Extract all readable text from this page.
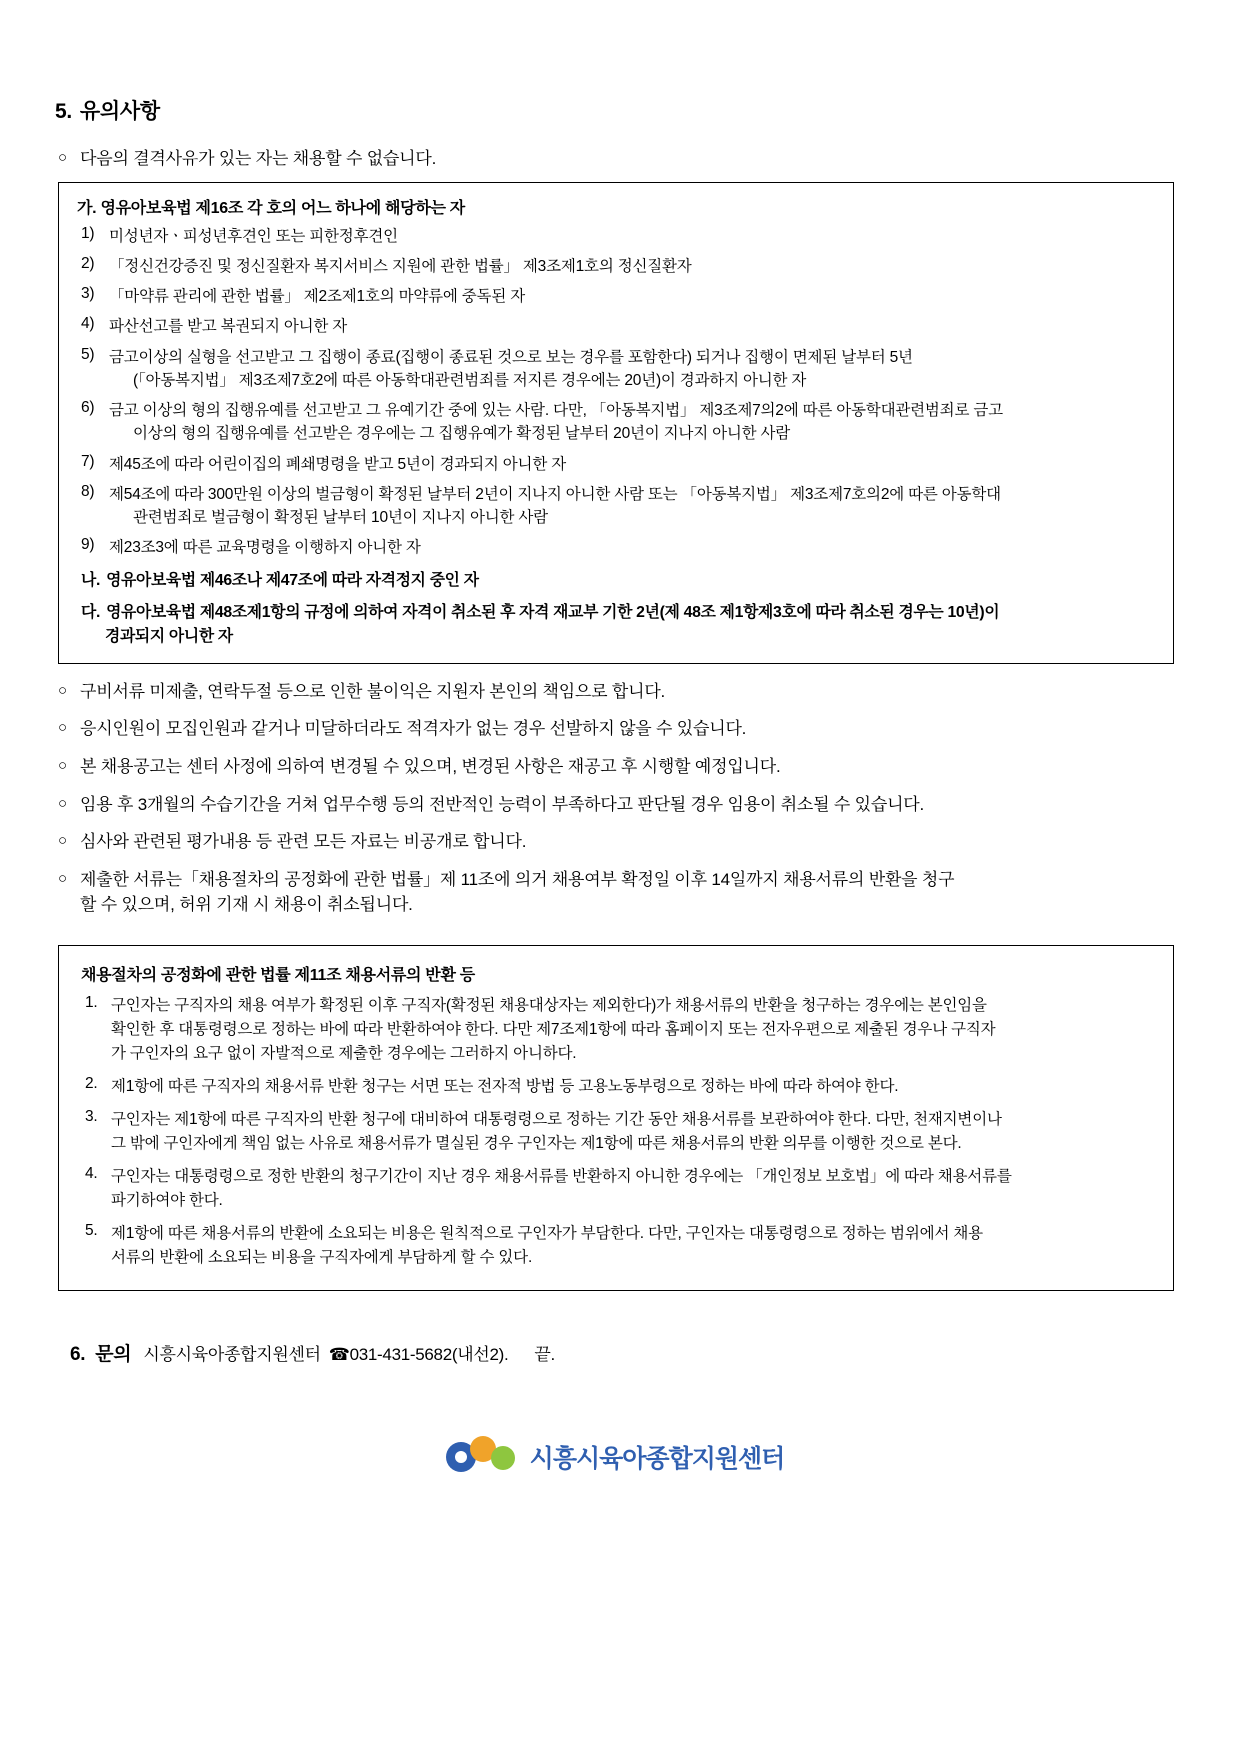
5. 유의사항
○ 다음의 결격사유가 있는 자는 채용할 수 없습니다.
가. 영유아보육법 제16조 각 호의 어느 하나에 해당하는 자
1) 미성년자ㆍ피성년후견인 또는 피한정후견인
2) 「정신건강증진 및 정신질환자 복지서비스 지원에 관한 법률」 제3조제1호의 정신질환자
3) 「마약류 관리에 관한 법률」 제2조제1호의 마약류에 중독된 자
4) 파산선고를 받고 복권되지 아니한 자
5) 금고이상의 실형을 선고받고 그 집행이 종료(집행이 종료된 것으로 보는 경우를 포함한다) 되거나 집행이 면제된 날부터 5년
(「아동복지법」 제3조제7호2에 따른 아동학대관련범죄를 저지른 경우에는 20년)이 경과하지 아니한 자
6) 금고 이상의 형의 집행유예를 선고받고 그 유예기간 중에 있는 사람. 다만, 「아동복지법」 제3조제7의2에 따른 아동학대관련범죄로 금고
이상의 형의 집행유예를 선고받은 경우에는 그 집행유예가 확정된 날부터 20년이 지나지 아니한 사람
7) 제45조에 따라 어린이집의 폐쇄명령을 받고 5년이 경과되지 아니한 자
8) 제54조에 따라 300만원 이상의 벌금형이 확정된 날부터 2년이 지나지 아니한 사람 또는 「아동복지법」 제3조제7호의2에 따른 아동학대
관련범죄로 벌금형이 확정된 날부터 10년이 지나지 아니한 사람
9) 제23조3에 따른 교육명령을 이행하지 아니한 자
나. 영유아보육법 제46조나 제47조에 따라 자격정지 중인 자
다. 영유아보육법 제48조제1항의 규정에 의하여 자격이 취소된 후 자격 재교부 기한 2년(제 48조 제1항제3호에 따라 취소된 경우는 10년)이
경과되지 아니한 자
○ 구비서류 미제출, 연락두절 등으로 인한 불이익은 지원자 본인의 책임으로 합니다.
○ 응시인원이 모집인원과 같거나 미달하더라도 적격자가 없는 경우 선발하지 않을 수 있습니다.
○ 본 채용공고는 센터 사정에 의하여 변경될 수 있으며, 변경된 사항은 재공고 후 시행할 예정입니다.
○ 임용 후 3개월의 수습기간을 거쳐 업무수행 등의 전반적인 능력이 부족하다고 판단될 경우 임용이 취소될 수 있습니다.
○ 심사와 관련된 평가내용 등 관련 모든 자료는 비공개로 합니다.
○ 제출한 서류는「채용절차의 공정화에 관한 법률」제 11조에 의거 채용여부 확정일 이후 14일까지 채용서류의 반환을 청구
할 수 있으며, 허위 기재 시 채용이 취소됩니다.
채용절차의 공정화에 관한 법률 제11조 채용서류의 반환 등
1. 구인자는 구직자의 채용 여부가 확정된 이후 구직자(확정된 채용대상자는 제외한다)가 채용서류의 반환을 청구하는 경우에는 본인임을
확인한 후 대통령령으로 정하는 바에 따라 반환하여야 한다. 다만 제7조제1항에 따라 홈페이지 또는 전자우편으로 제출된 경우나 구직자
가 구인자의 요구 없이 자발적으로 제출한 경우에는 그러하지 아니하다.
2. 제1항에 따른 구직자의 채용서류 반환 청구는 서면 또는 전자적 방법 등 고용노동부령으로 정하는 바에 따라 하여야 한다.
3. 구인자는 제1항에 따른 구직자의 반환 청구에 대비하여 대통령령으로 정하는 기간 동안 채용서류를 보관하여야 한다. 다만, 천재지변이나
그 밖에 구인자에게 책임 없는 사유로 채용서류가 멸실된 경우 구인자는 제1항에 따른 채용서류의 반환 의무를 이행한 것으로 본다.
4. 구인자는 대통령령으로 정한 반환의 청구기간이 지난 경우 채용서류를 반환하지 아니한 경우에는 「개인정보 보호법」에 따라 채용서류를
파기하여야 한다.
5. 제1항에 따른 채용서류의 반환에 소요되는 비용은 원칙적으로 구인자가 부담한다. 다만, 구인자는 대통령령으로 정하는 범위에서 채용
서류의 반환에 소요되는 비용을 구직자에게 부담하게 할 수 있다.
6. 문의 시흥시육아종합지원센터 ☎ 031-431-5682(내선2). 끝.
시흥시육아종합지원센터
